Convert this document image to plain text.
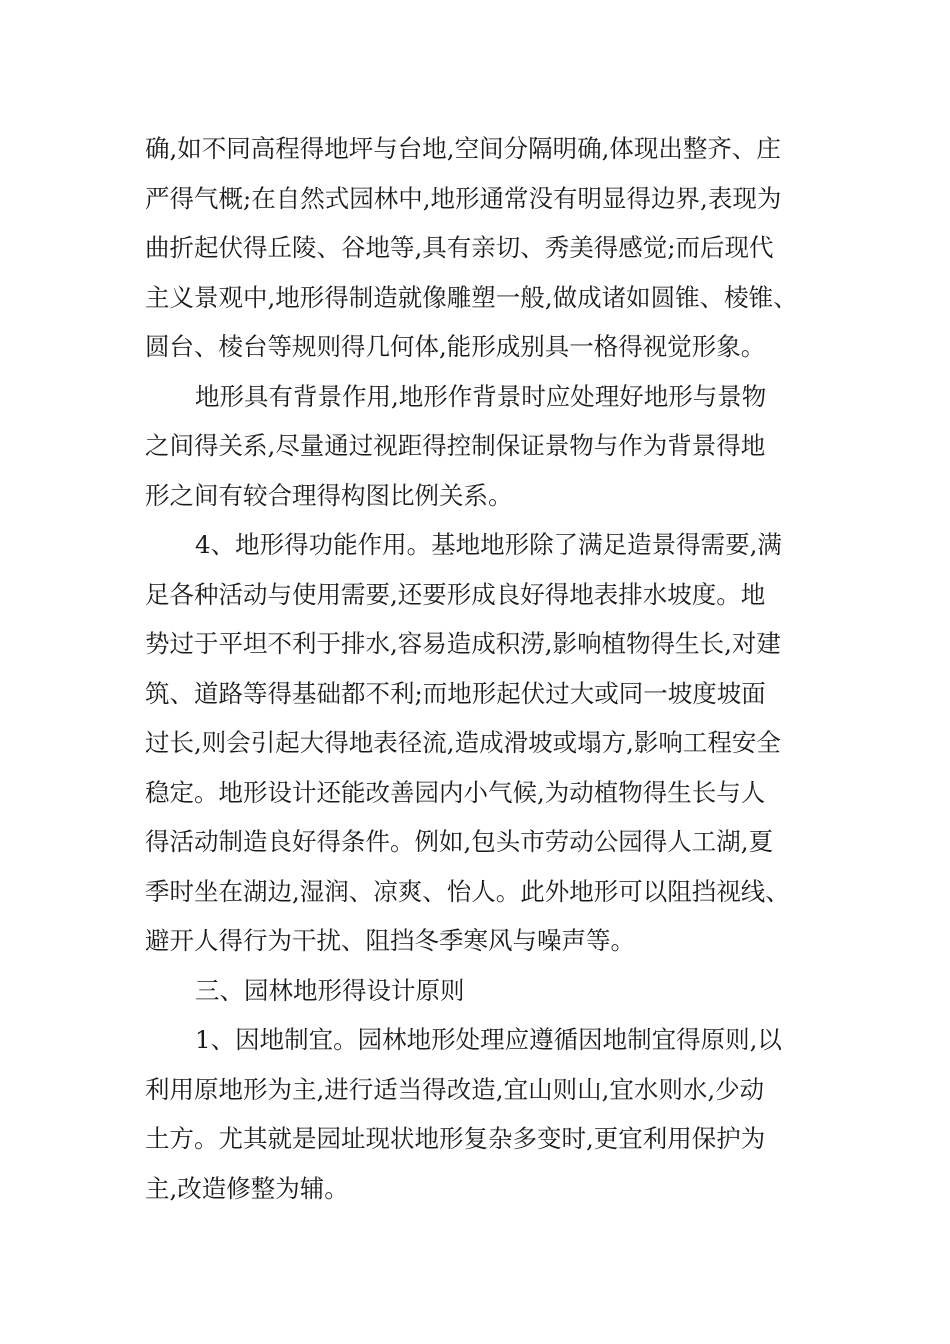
确,如不同高程得地坪与台地,空间分隔明确,体现出整齐、庄
严得气概;在自然式园林中,地形通常没有明显得边界,表现为
曲折起伏得丘陵、谷地等,具有亲切、秀美得感觉;而后现代
主义景观中,地形得制造就像雕塑一般,做成诸如圆锥、棱锥、
圆台、棱台等规则得几何体,能形成别具一格得视觉形象。
地形具有背景作用,地形作背景时应处理好地形与景物
之间得关系,尽量通过视距得控制保证景物与作为背景得地
形之间有较合理得构图比例关系。
4、地形得功能作用。基地地形除了满足造景得需要,满
足各种活动与使用需要,还要形成良好得地表排水坡度。地
势过于平坦不利于排水,容易造成积涝,影响植物得生长,对建
筑、道路等得基础都不利;而地形起伏过大或同一坡度坡面
过长,则会引起大得地表径流,造成滑坡或塌方,影响工程安全
稳定。地形设计还能改善园内小气候,为动植物得生长与人
得活动制造良好得条件。例如,包头市劳动公园得人工湖,夏
季时坐在湖边,湿润、凉爽、怡人。此外地形可以阻挡视线、
避开人得行为干扰、阻挡冬季寒风与噪声等。
三、园林地形得设计原则
1、因地制宜。园林地形处理应遵循因地制宜得原则,以
利用原地形为主,进行适当得改造,宜山则山,宜水则水,少动
土方。尤其就是园址现状地形复杂多变时,更宜利用保护为
主,改造修整为辅。
